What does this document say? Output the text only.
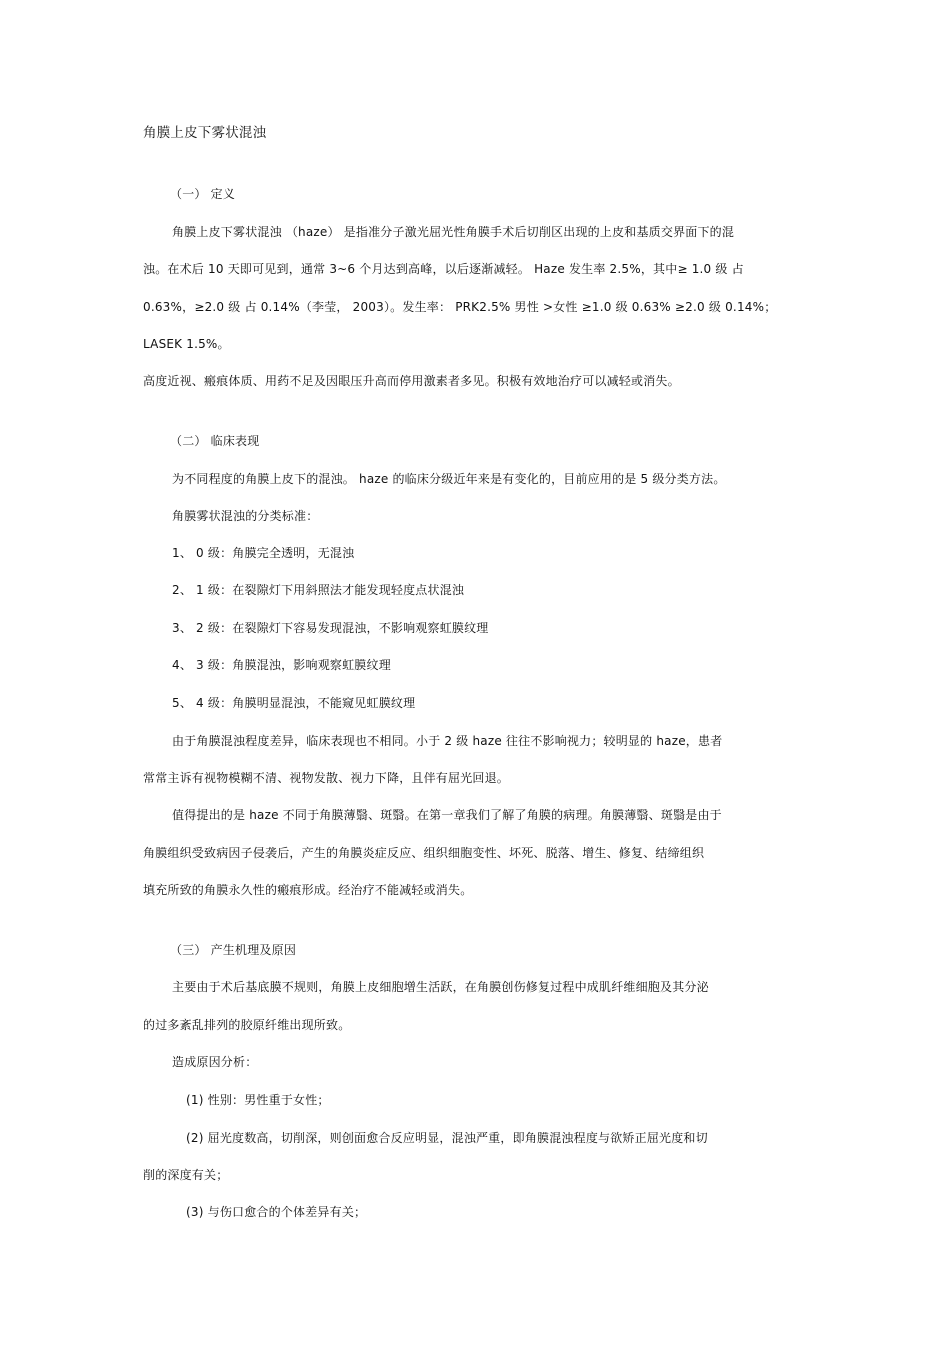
角膜上皮下雾状混浊
（一） 定义
角膜上皮下雾状混浊 （haze） 是指准分子激光屈光性角膜手术后切削区出现的上皮和基质交界面下的混
浊。在术后 10 天即可见到，通常 3~6 个月达到高峰，以后逐渐减轻。 Haze 发生率 2.5%，其中≥ 1.0 级 占
0.63%，≥2.0 级 占 0.14%（李莹， 2003）。发生率： PRK2.5% 男性 >女性 ≥1.0 级 0.63% ≥2.0 级 0.14%；
LASEK 1.5%。
高度近视、瘢痕体质、用药不足及因眼压升高而停用激素者多见。积极有效地治疗可以减轻或消失。
（二） 临床表现
为不同程度的角膜上皮下的混浊。 haze 的临床分级近年来是有变化的，目前应用的是 5 级分类方法。
角膜雾状混浊的分类标准：
1、 0 级：角膜完全透明，无混浊
2、 1 级：在裂隙灯下用斜照法才能发现轻度点状混浊
3、 2 级：在裂隙灯下容易发现混浊，不影响观察虹膜纹理
4、 3 级：角膜混浊，影响观察虹膜纹理
5、 4 级：角膜明显混浊，不能窥见虹膜纹理
由于角膜混浊程度差异，临床表现也不相同。小于 2 级 haze 往往不影响视力；较明显的 haze，患者
常常主诉有视物模糊不清、视物发散、视力下降，且伴有屈光回退。
值得提出的是 haze 不同于角膜薄翳、斑翳。在第一章我们了解了角膜的病理。角膜薄翳、斑翳是由于
角膜组织受致病因子侵袭后，产生的角膜炎症反应、组织细胞变性、坏死、脱落、增生、修复、结缔组织
填充所致的角膜永久性的瘢痕形成。经治疗不能减轻或消失。
（三） 产生机理及原因
主要由于术后基底膜不规则，角膜上皮细胞增生活跃，在角膜创伤修复过程中成肌纤维细胞及其分泌
的过多紊乱排列的胶原纤维出现所致。
造成原因分析：
(1) 性别：男性重于女性；
(2) 屈光度数高，切削深，则创面愈合反应明显，混浊严重，即角膜混浊程度与欲矫正屈光度和切
削的深度有关；
(3) 与伤口愈合的个体差异有关；
